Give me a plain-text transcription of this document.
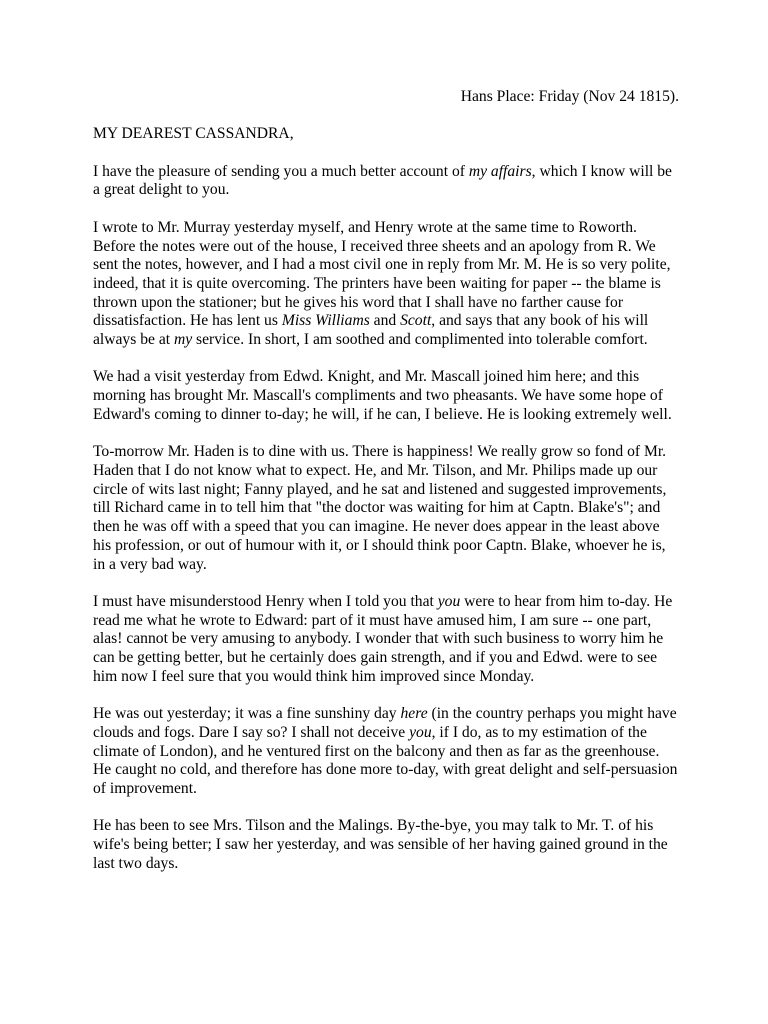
Hans Place: Friday (Nov 24 1815).

MY DEAREST CASSANDRA,

I have the pleasure of sending you a much better account of my affairs, which I know will be a great delight to you.

I wrote to Mr. Murray yesterday myself, and Henry wrote at the same time to Roworth. Before the notes were out of the house, I received three sheets and an apology from R. We sent the notes, however, and I had a most civil one in reply from Mr. M. He is so very polite, indeed, that it is quite overcoming. The printers have been waiting for paper -- the blame is thrown upon the stationer; but he gives his word that I shall have no farther cause for dissatisfaction. He has lent us Miss Williams and Scott, and says that any book of his will always be at my service. In short, I am soothed and complimented into tolerable comfort.

We had a visit yesterday from Edwd. Knight, and Mr. Mascall joined him here; and this morning has brought Mr. Mascall's compliments and two pheasants. We have some hope of Edward's coming to dinner to-day; he will, if he can, I believe. He is looking extremely well.

To-morrow Mr. Haden is to dine with us. There is happiness! We really grow so fond of Mr. Haden that I do not know what to expect. He, and Mr. Tilson, and Mr. Philips made up our circle of wits last night; Fanny played, and he sat and listened and suggested improvements, till Richard came in to tell him that "the doctor was waiting for him at Captn. Blake's"; and then he was off with a speed that you can imagine. He never does appear in the least above his profession, or out of humour with it, or I should think poor Captn. Blake, whoever he is, in a very bad way.

I must have misunderstood Henry when I told you that you were to hear from him to-day. He read me what he wrote to Edward: part of it must have amused him, I am sure -- one part, alas! cannot be very amusing to anybody. I wonder that with such business to worry him he can be getting better, but he certainly does gain strength, and if you and Edwd. were to see him now I feel sure that you would think him improved since Monday.

He was out yesterday; it was a fine sunshiny day here (in the country perhaps you might have clouds and fogs. Dare I say so? I shall not deceive you, if I do, as to my estimation of the climate of London), and he ventured first on the balcony and then as far as the greenhouse. He caught no cold, and therefore has done more to-day, with great delight and self-persuasion of improvement.

He has been to see Mrs. Tilson and the Malings. By-the-bye, you may talk to Mr. T. of his wife's being better; I saw her yesterday, and was sensible of her having gained ground in the last two days.
